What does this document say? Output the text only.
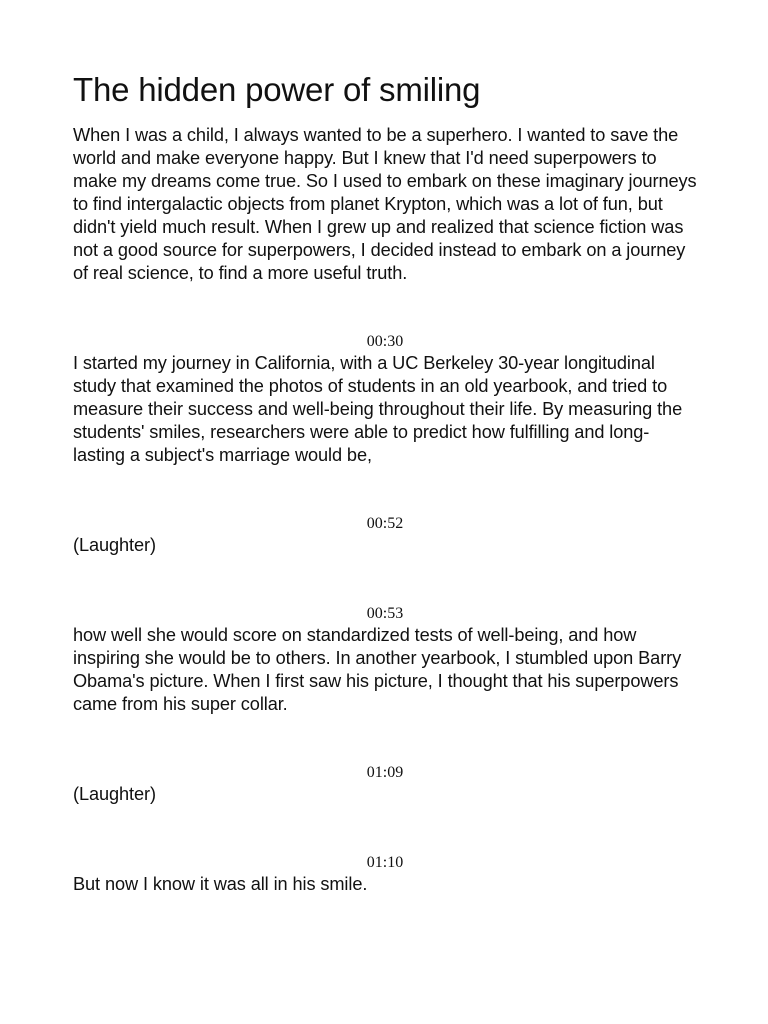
The hidden power of smiling

When I was a child, I always wanted to be a superhero. I wanted to save the world and make everyone happy. But I knew that I'd need superpowers to make my dreams come true. So I used to embark on these imaginary journeys to find intergalactic objects from planet Krypton, which was a lot of fun, but didn't yield much result. When I grew up and realized that science fiction was not a good source for superpowers, I decided instead to embark on a journey of real science, to find a more useful truth.

00:30

I started my journey in California, with a UC Berkeley 30-year longitudinal study that examined the photos of students in an old yearbook, and tried to measure their success and well-being throughout their life. By measuring the students' smiles, researchers were able to predict how fulfilling and long-lasting a subject's marriage would be,

00:52

(Laughter)

00:53

how well she would score on standardized tests of well-being, and how inspiring she would be to others. In another yearbook, I stumbled upon Barry Obama's picture. When I first saw his picture, I thought that his superpowers came from his super collar.

01:09

(Laughter)

01:10

But now I know it was all in his smile.
